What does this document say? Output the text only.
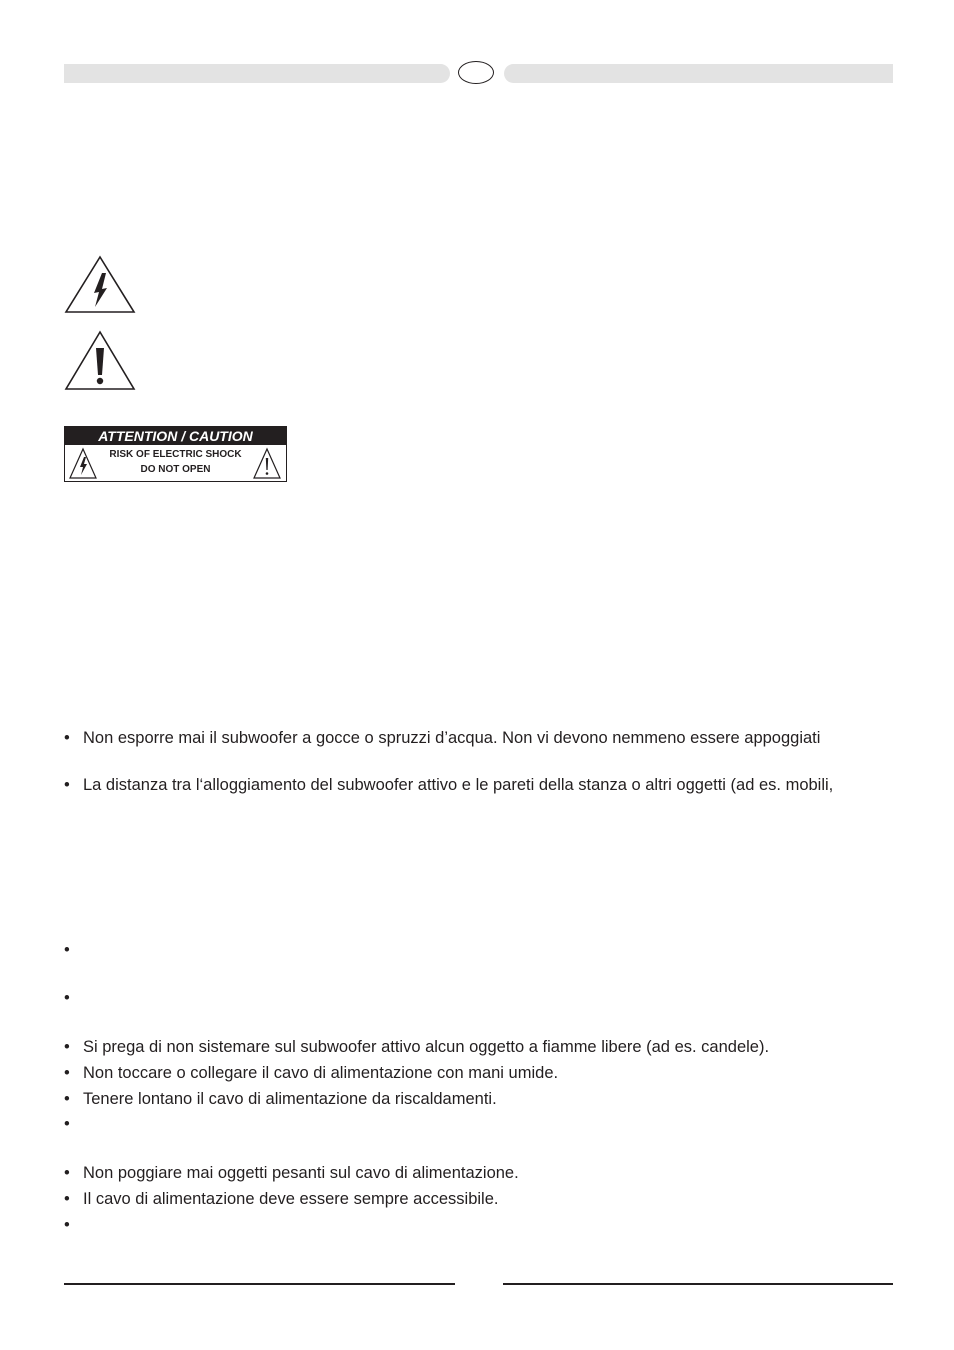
ATTENTION / CAUTION
RISK OF ELECTRIC SHOCK
DO NOT OPEN
• Non esporre mai il subwoofer a gocce o spruzzi d’acqua. Non vi devono nemmeno essere appoggiati
• La distanza tra l‘alloggiamento del subwoofer attivo e le pareti della stanza o altri oggetti (ad es. mobili,
•
•
• Si prega di non sistemare sul subwoofer attivo alcun oggetto a fiamme libere (ad es. candele).
• Non toccare o collegare il cavo di alimentazione con mani umide.
• Tenere lontano il cavo di alimentazione da riscaldamenti.
•
• Non poggiare mai oggetti pesanti sul cavo di alimentazione.
• Il cavo di alimentazione deve essere sempre accessibile.
•
